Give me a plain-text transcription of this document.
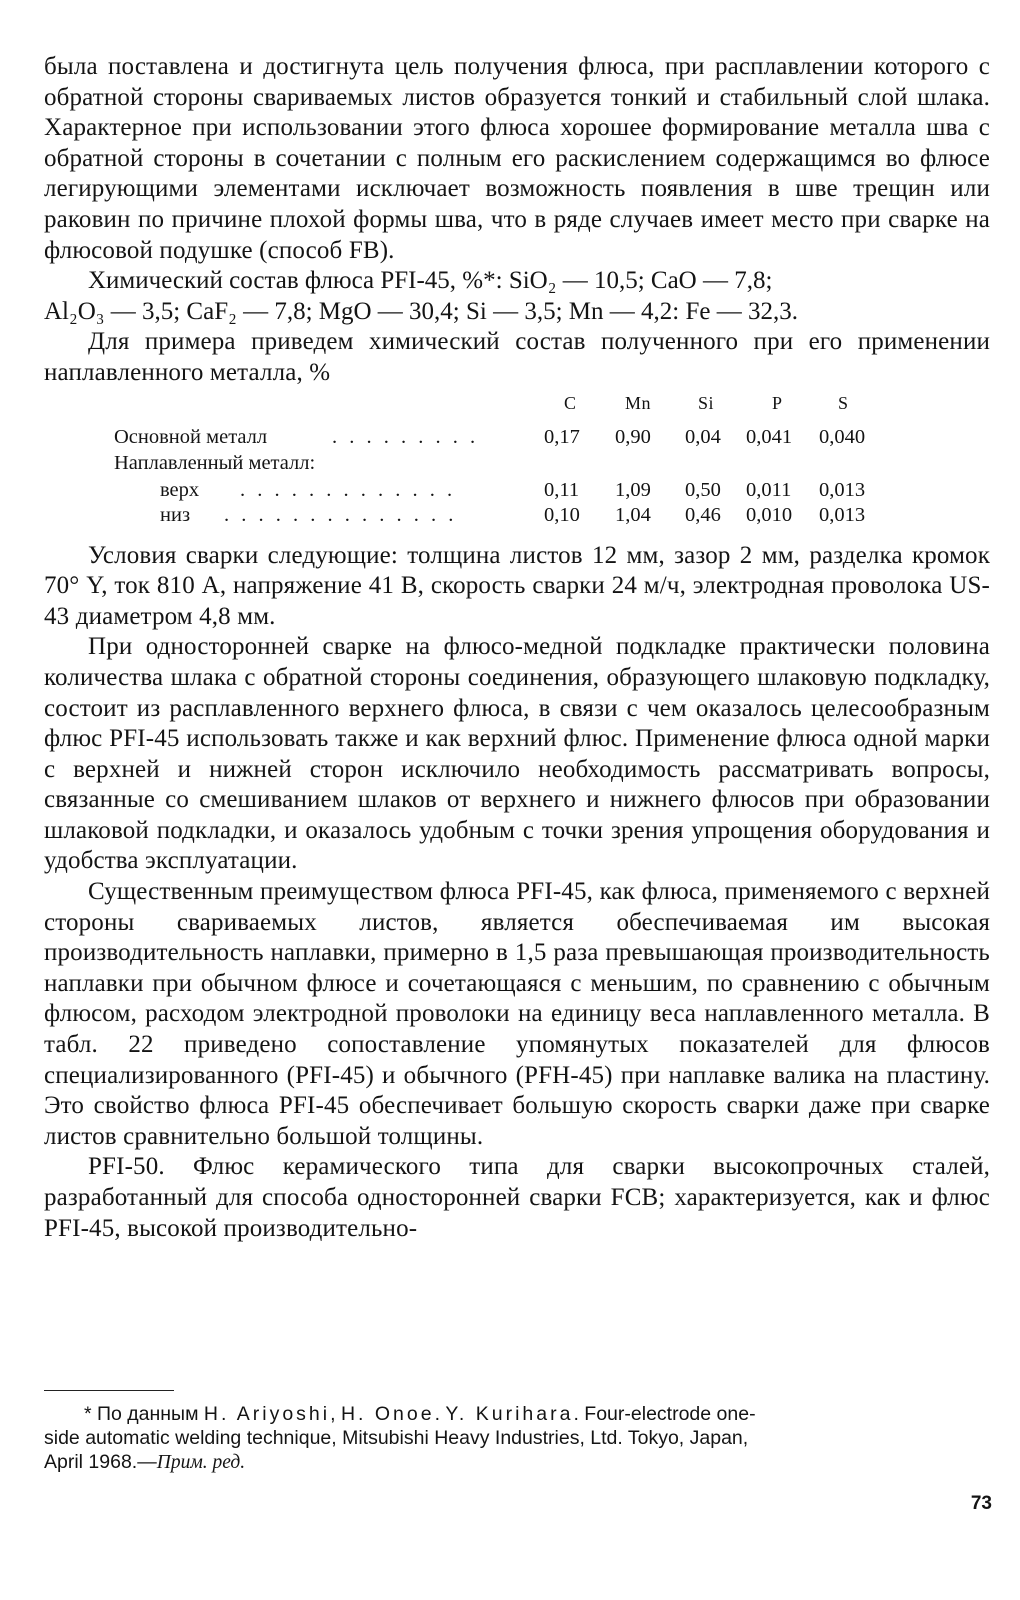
была поставлена и достигнута цель получения флюса, при расплавлении которого с обратной стороны свариваемых листов образуется тонкий и стабильный слой шлака. Характерное при использовании этого флюса хорошее формирование металла шва с обратной стороны в сочетании с полным его раскислением содержащимся во флюсе легирующими элементами исключает возможность появления в шве трещин или раковин по причине плохой формы шва, что в ряде случаев имеет место при сварке на флюсовой подушке (способ FB).

Химический состав флюса PFI-45, %*: SiO₂ — 10,5; CaO — 7,8;
Al₂O₃ — 3,5; CaF₂ — 7,8; MgO — 30,4; Si — 3,5; Mn — 4,2: Fe — 32,3.

Для примера приведем химический состав полученного при его применении наплавленного металла, %

C	Mn	Si	P	S
Основной металл	. . . . . . . . .	0,17 0,90 0,04 0,041 0,040
Наплавленный металл:
верх . . . . . . . . . . . . .	0,11 1,09 0,50 0,011 0,013
низ . . . . . . . . . . . . . .	0,10 1,04 0,46 0,010 0,013

Условия сварки следующие: толщина листов 12 мм, зазор 2 мм, разделка кромок 70° Y, ток 810 А, напряжение 41 В, скорость сварки 24 м/ч, электродная проволока US-43 диаметром 4,8 мм.

При односторонней сварке на флюсо-медной подкладке практически половина количества шлака с обратной стороны соединения, образующего шлаковую подкладку, состоит из расплавленного верхнего флюса, в связи с чем оказалось целесообразным флюс PFI-45 использовать также и как верхний флюс. Применение флюса одной марки с верхней и нижней сторон исключило необходимость рассматривать вопросы, связанные со смешиванием шлаков от верхнего и нижнего флюсов при образовании шлаковой подкладки, и оказалось удобным с точки зрения упрощения оборудования и удобства эксплуатации.

Существенным преимуществом флюса PFI-45, как флюса, применяемого с верхней стороны свариваемых листов, является обеспечиваемая им высокая производительность наплавки, примерно в 1,5 раза превышающая производительность наплавки при обычном флюсе и сочетающаяся с меньшим, по сравнению с обычным флюсом, расходом электродной проволоки на единицу веса наплавленного металла. В табл. 22 приведено сопоставление упомянутых показателей для флюсов специализированного (PFI-45) и обычного (PFH-45) при наплавке валика на пластину. Это свойство флюса PFI-45 обеспечивает большую скорость сварки даже при сварке листов сравнительно большой толщины.

PFI-50. Флюс керамического типа для сварки высокопрочных сталей, разработанный для способа односторонней сварки FCB; характеризуется, как и флюс PFI-45, высокой производительно-

* По данным H. Ariyoshi, H. Onoe. Y. Kurihara. Four-electrode one-
side automatic welding technique, Mitsubishi Heavy Industries, Ltd. Tokyo, Japan,
April 1968.—Прим. ред.
73
